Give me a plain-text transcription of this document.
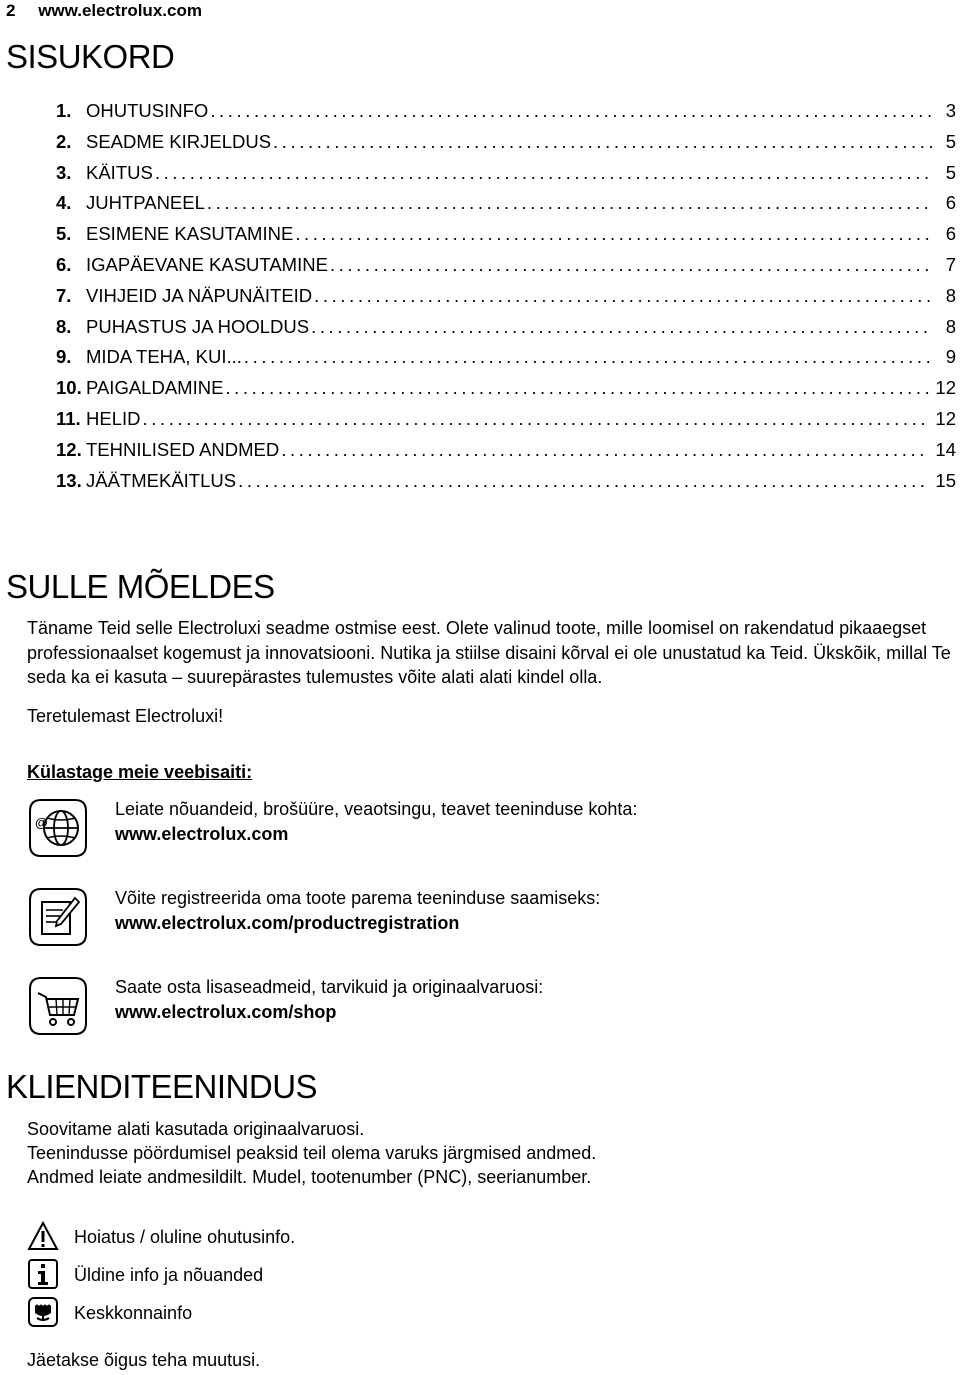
2 www.electrolux.com
SISUKORD
1. OHUTUSINFO .....	3
2. SEADME KIRJELDUS .....	5
3. KÄITUS .....	5
4. JUHTPANEEL .....	6
5. ESIMENE KASUTAMINE .....	6
6. IGAPÄEVANE KASUTAMINE .....	7
7. VIHJEID JA NÄPUNÄITEID .....	8
8. PUHASTUS JA HOOLDUS .....	8
9. MIDA TEHA, KUI... .....	9
10. PAIGALDAMINE .....	12
11. HELID .....	12
12. TEHNILISED ANDMED .....	14
13. JÄÄTMEKÄITLUS .....	15
SULLE MÕELDES

Täname Teid selle Electroluxi seadme ostmise eest. Olete valinud toote, mille loomisel on rakendatud pikaaegset professionaalset kogemust ja innovatsiooni. Nutika ja stiilse disaini kõrval ei ole unustatud ka Teid. Ükskõik, millal Te seda ka ei kasuta – suurepärastes tulemustes võite alati alati kindel olla.

Teretulemast Electroluxi!

Külastage meie veebisaiti:

@
Leiate nõuandeid, brošüüre, veaotsingu, teavet teeninduse kohta:
www.electrolux.com
Võite registreerida oma toote parema teeninduse saamiseks:
www.electrolux.com/productregistration
Saate osta lisaseadmeid, tarvikuid ja originaalvaruosi:
www.electrolux.com/shop
KLIENDITEENINDUS

Soovitame alati kasutada originaalvaruosi.

Teenindusse pöördumisel peaksid teil olema varuks järgmised andmed.

Andmed leiate andmesildilt. Mudel, tootenumber (PNC), seerianumber.

Hoiatus / oluline ohutusinfo.
Üldine info ja nõuanded
Keskkonnainfo

Jäetakse õigus teha muutusi.
